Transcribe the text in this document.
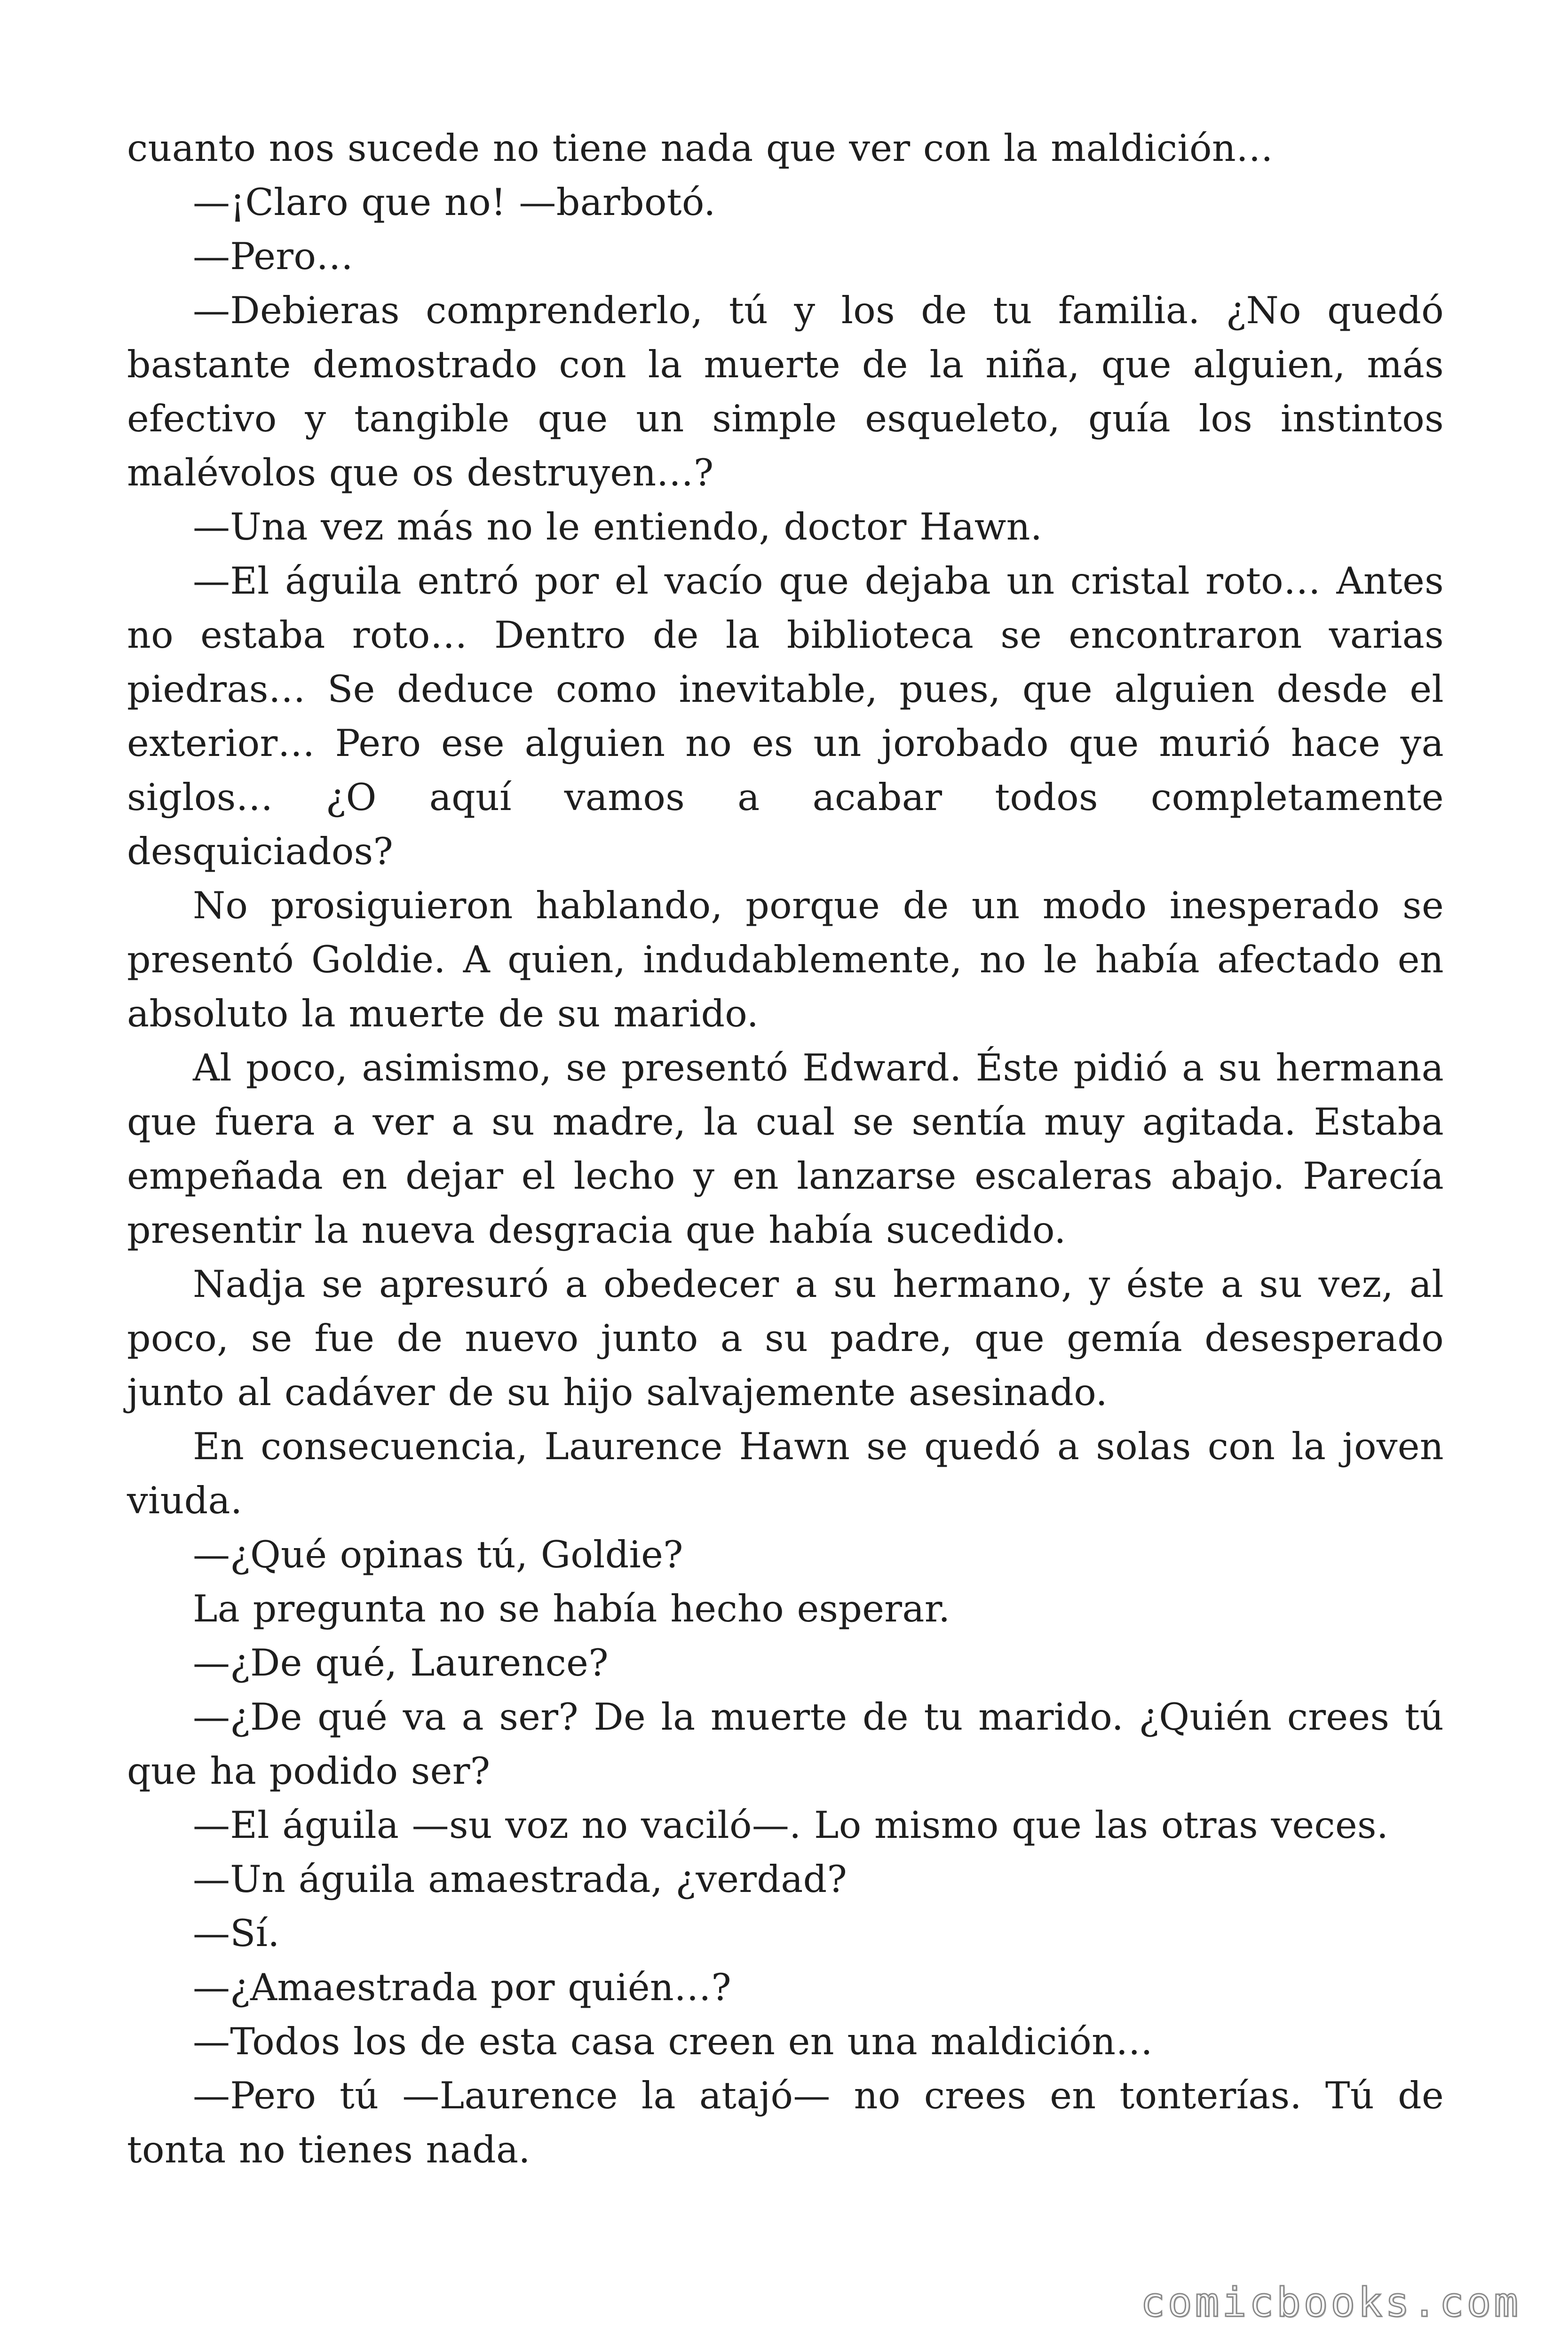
cuanto nos sucede no tiene nada que ver con la maldición…

—¡Claro que no! —barbotó.

—Pero…

—Debieras comprenderlo, tú y los de tu familia. ¿No quedó bastante demostrado con la muerte de la niña, que alguien, más efectivo y tangible que un simple esqueleto, guía los instintos malévolos que os destruyen…?

—Una vez más no le entiendo, doctor Hawn.

—El águila entró por el vacío que dejaba un cristal roto… Antes no estaba roto… Dentro de la biblioteca se encontraron varias piedras… Se deduce como inevitable, pues, que alguien desde el exterior… Pero ese alguien no es un jorobado que murió hace ya siglos… ¿O aquí vamos a acabar todos completamente desquiciados?

No prosiguieron hablando, porque de un modo inesperado se presentó Goldie. A quien, indudablemente, no le había afectado en absoluto la muerte de su marido.

Al poco, asimismo, se presentó Edward. Éste pidió a su hermana que fuera a ver a su madre, la cual se sentía muy agitada. Estaba empeñada en dejar el lecho y en lanzarse escaleras abajo. Parecía presentir la nueva desgracia que había sucedido.

Nadja se apresuró a obedecer a su hermano, y éste a su vez, al poco, se fue de nuevo junto a su padre, que gemía desesperado junto al cadáver de su hijo salvajemente asesinado.

En consecuencia, Laurence Hawn se quedó a solas con la joven viuda.

—¿Qué opinas tú, Goldie?

La pregunta no se había hecho esperar.

—¿De qué, Laurence?

—¿De qué va a ser? De la muerte de tu marido. ¿Quién crees tú que ha podido ser?

—El águila —su voz no vaciló—. Lo mismo que las otras veces.

—Un águila amaestrada, ¿verdad?

—Sí.

—¿Amaestrada por quién…?

—Todos los de esta casa creen en una maldición…

—Pero tú —Laurence la atajó— no crees en tonterías. Tú de tonta no tienes nada.

comicbooks.com
